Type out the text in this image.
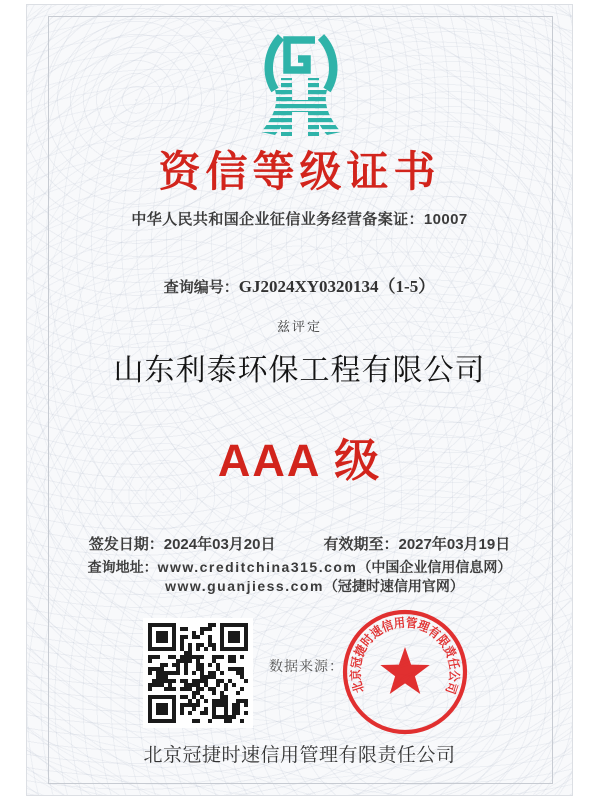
资信等级证书
中华人民共和国企业征信业务经营备案证：10007
查询编号：GJ2024XY0320134（1-5）
兹评定
山东利泰环保工程有限公司
AAA 级
签发日期：2024年03月20日	有效期至：2027年03月19日
查询地址：www.creditchina315.com（中国企业信用信息网）
www.guanjiess.com（冠捷时速信用官网）
数据来源：
北京冠捷时速信用管理有限责任公司
北京冠捷时速信用管理有限责任公司
